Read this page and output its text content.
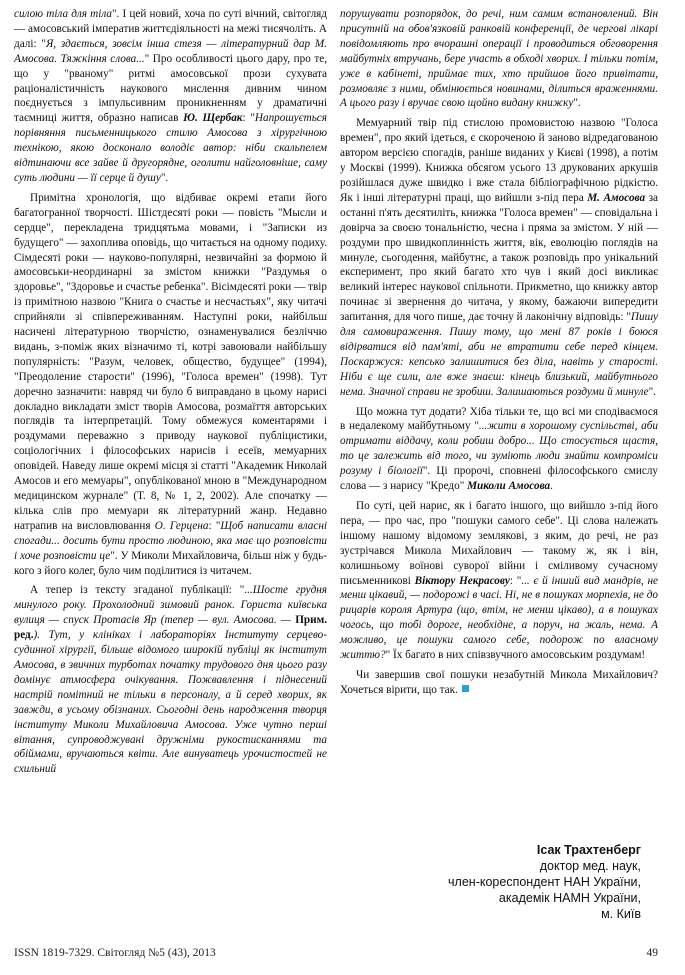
силою тіла для тіла". І цей новий, хоча по суті вічний, світогляд — амосовський імператив життєдіяльності на межі тисячоліть. А далі: "Я, здається, зовсім інша стезя — літературний дар М. Амосова. Тяжкіння слова..." Про особливості цього дару, про те, що у "рваному" ритмі амосовської прози сухувата раціоналістичність наукового мислення дивним чином поєднується з імпульсивним проникненням у драматичні таємниці життя, образно написав Ю. Щербак: "Напрошується порівняння письменницького стилю Амосова з хірургічною технікою, якою досконало володіє автор: ніби скальпелем відтинаючи все зайве й другорядне, оголити найголовніше, саму суть людини — її серце й душу".

Примітна хронологія, що відбиває окремі етапи його багатогранної творчості. Шістдесяті роки — повість "Мысли и сердце", перекладена тридцятьма мовами, і "Записки из будущего" — захоплива оповідь, що читається на одному подиху. Сімдесяті роки — науково-популярні, незвичайні за формою й амосовськи-неординарні за змістом книжки "Раздумья о здоровье", "Здоровье и счастье ребенка". Вісімдесяті роки — твір із примітною назвою "Книга о счастье и несчастьях", яку читачі сприйняли зі співпереживанням. Наступні роки, найбільш насичені літературною творчістю, ознаменувалися безліччю видань, з-поміж яких візначимо ті, котрі завоювали найбільшу популярність: "Разум, человек, общество, будущее" (1994), "Преодоление старости" (1996), "Голоса времен" (1998). Тут доречно зазначити: навряд чи було б виправдано в цьому нарисі докладно викладати зміст творів Амосова, розмаїття авторських поглядів та інтерпретацій. Тому обмежуся коментарями і роздумами переважно з приводу наукової публіцистики, соціологічних і філософських нарисів і есеїв, мемуарних оповідей. Наведу лише окремі місця зі статті "Академик Николай Амосов и его мемуары", опублікованої мною в "Международном медицинском журнале" (Т. 8, № 1, 2, 2002). Але спочатку — кілька слів про мемуари як літературний жанр. Недавно натрапив на висловлювання О. Герцена: "Щоб написати власні спогади... досить бути просто людиною, яка має що розповісти і хоче розповісти це". У Миколи Михайловича, більш ніж у будь-кого з його колег, було чим поділитися із читачем.

А тепер із тексту згаданої публікації: "...Шосте грудня минулого року. Прохолодний зимовий ранок. Гориста київська вулиця — спуск Протасів Яр (тепер — вул. Амосова. — Прим. ред.). Тут, у клініках і лабораторіях Інституту серцево-судинної хірургії, більше відомого широкій публіці як інститут Амосова, в звичних турботах початку трудового дня цього разу домінує атмосфера очікування. Пожвавлення і піднесений настрій помітний не тільки в персоналу, а й серед хворих, як завжди, в усьому обізнаних. Сьогодні день народження творця інституту Миколи Михайловича Амосова. Уже чутно перші вітання, супроводжувані дружніми рукостисканнями та обіймами, вручаються квіти. Але винуватець урочистостей не схильний

порушувати розпорядок, до речі, ним самим встановлений. Він присутній на обов'язковій ранковій конференції, де чергові лікарі повідомляють про вчорашні операції і проводиться обговорення майбутніх втручань, бере участь в обході хворих. І тільки потім, уже в кабінеті, приймає тих, хто прийшов його привітати, розмовляє з ними, обмінюється новинами, ділиться враженнями. А цього разу і вручає свою щойно видану книжку".

Мемуарний твір під стислою промовистою назвою "Голоса времен", про який ідеться, є скороченою й заново відредагованою автором версією спогадів, раніше виданих у Києві (1998), а потім у Москві (1999). Книжка обсягом усього 13 друкованих аркушів розійшлася дуже швидко і вже стала бібліографічною рідкістю. Як і інші літературні праці, що вийшли з-під пера М. Амосова за останні п'ять десятиліть, книжка "Голоса времен" — сповідальна і довірча за своєю тональністю, чесна і пряма за змістом. У ній — роздуми про швидкоплинність життя, вік, еволюцію поглядів на минуле, сьогодення, майбутнє, а також розповідь про унікальний експеримент, про який багато хто чув і який досі викликає великий інтерес наукової спільноти. Прикметно, що книжку автор починає зі звернення до читача, у якому, бажаючи випередити запитання, для чого пише, дає точну й лаконічну відповідь: "Пишу для самовираження. Пишу тому, що мені 87 років і боюся відірватися від пам'яті, аби не втратити себе перед кінцем. Поскаржуся: кепсько залишитися без діла, навіть у старості. Ніби є ще сили, але вже знаєш: кінець близький, майбутнього нема. Значної справи не зробиш. Залишаються роздуми й минуле".

Що можна тут додати? Хіба тільки те, що всі ми сподіваємося в недалекому майбутньому "...жити в хорошому суспільстві, аби отримати віддачу, коли робиш добро... Що стосується щастя, то це залежить від того, чи зуміють люди знайти компроміси розуму і біології". Ці пророчі, сповнені філософського смислу слова — з нарису "Кредо" Миколи Амосова.

По суті, цей нарис, як і багато іншого, що вийшло з-під його пера, — про час, про "пошуки самого себе". Ці слова належать іншому нашому відомому землякові, з яким, до речі, не раз зустрічався Микола Михайлович — такому ж, як і він, колишньому воїнові суворої війни і сміливому сучасному письменникові Віктору Некрасову: "... є й інший вид мандрів, не менш цікавий, — подорожі в часі. Ні, не в пошуках морпехів, не до рицарів короля Артура (що, втім, не менш цікаво), а в пошуках чогось, що тобі дороге, необхідне, а поруч, на жаль, нема. А можливо, це пошуки самого себе, подорож по власному життю?" Їх багато в них співзвучного амосовським роздумам!

Чи завершив свої пошуки незабутній Микола Михайлович? Хочеться вірити, що так.

Ісак Трахтенберг
доктор мед. наук,
член-кореспондент НАН України,
академік НАМН України,
м. Київ
ISSN 1819-7329. Світогляд №5 (43), 2013	49
